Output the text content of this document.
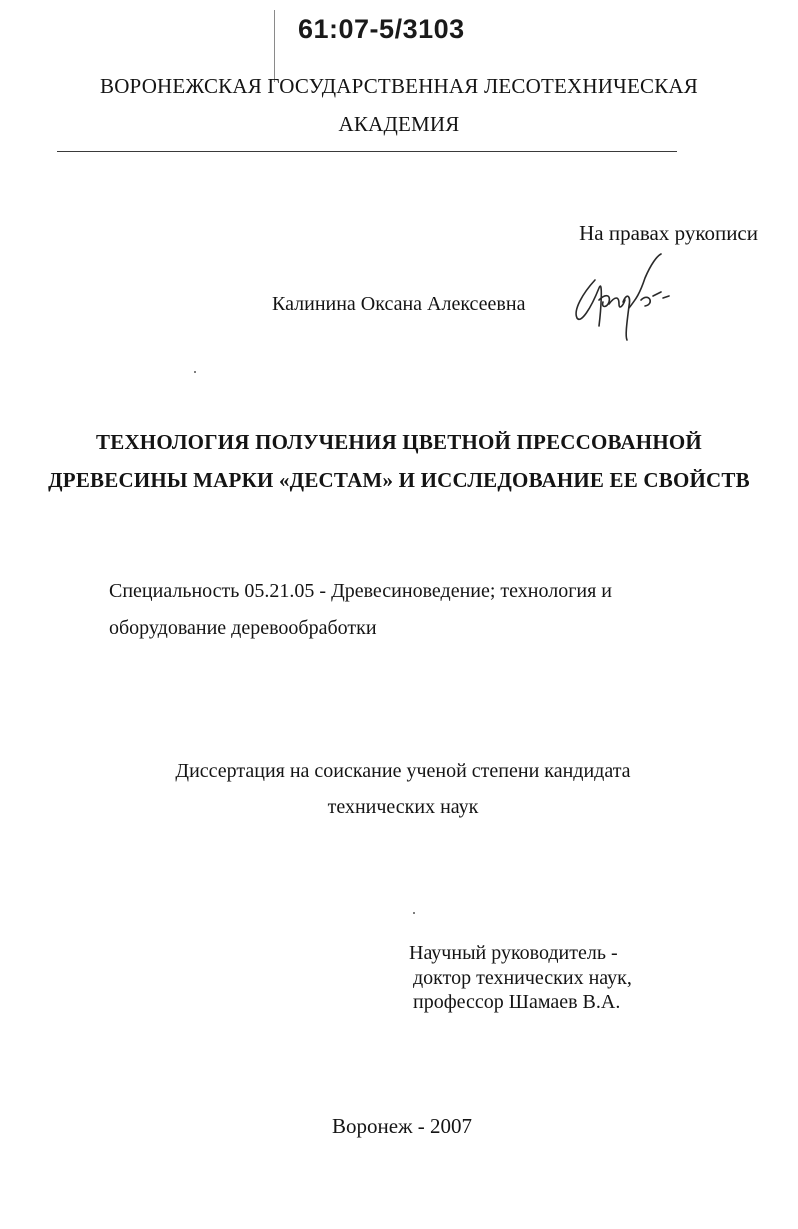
61:07-5/3103
ВОРОНЕЖСКАЯ ГОСУДАРСТВЕННАЯ ЛЕСОТЕХНИЧЕСКАЯ
АКАДЕМИЯ
На правах рукописи
Калинина Оксана Алексеевна
ТЕХНОЛОГИЯ ПОЛУЧЕНИЯ ЦВЕТНОЙ ПРЕССОВАННОЙ
ДРЕВЕСИНЫ МАРКИ «ДЕСТАМ» И ИССЛЕДОВАНИЕ ЕЕ СВОЙСТВ
Специальность 05.21.05 - Древесиноведение; технология и
оборудование деревообработки
Диссертация на соискание ученой степени кандидата
технических наук
Научный руководитель -
доктор технических наук,
профессор Шамаев В.А.
Воронеж - 2007
